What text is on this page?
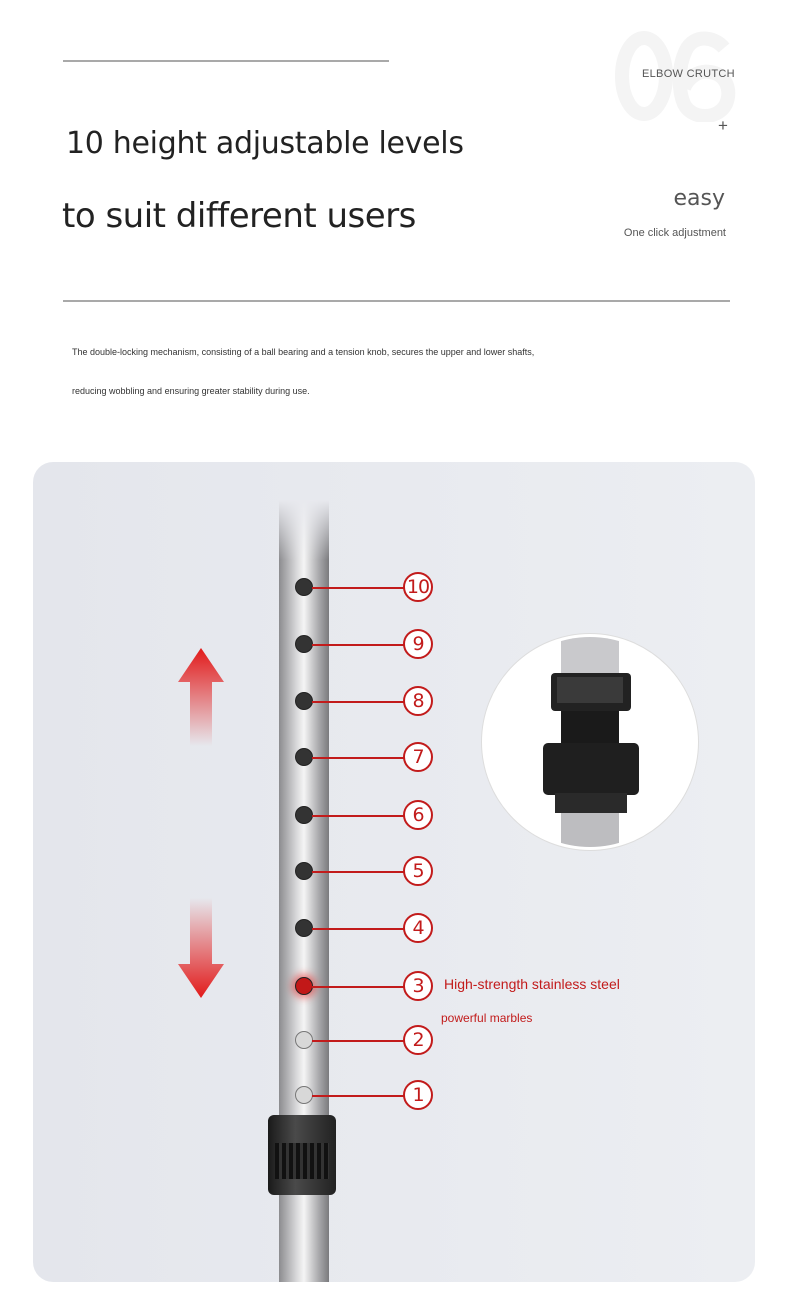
ELBOW CRUTCH
+
10 height adjustable levels
to suit different users	easy
One click adjustment
The double-locking mechanism, consisting of a ball bearing and a tension knob, secures the upper and lower shafts,
reducing wobbling and ensuring greater stability during use.
10
9
8
7
6
5
4
3
2
1
High-strength stainless steel
powerful marbles
